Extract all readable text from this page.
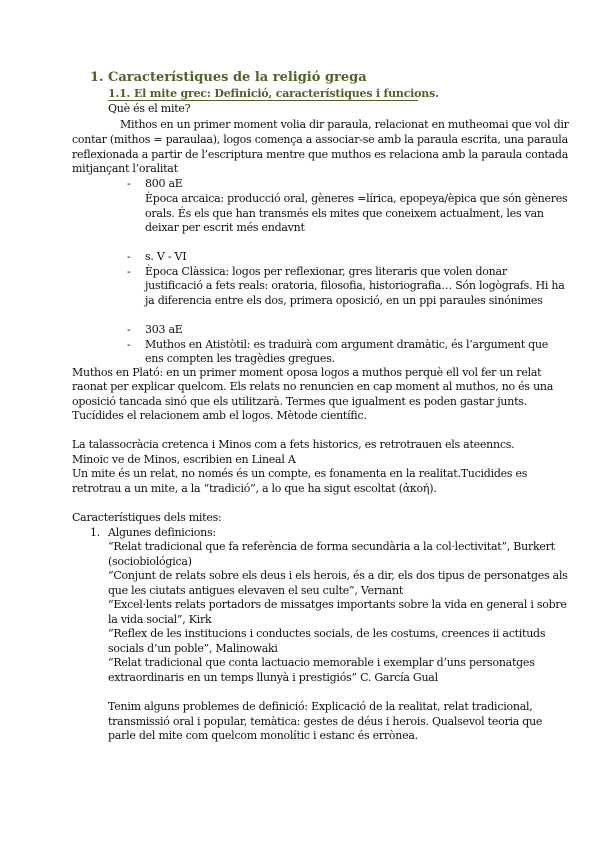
1. Característiques de la religió grega
1.1. El mite grec: Definició, característiques i funcions.
Què és el mite?
Mithos en un primer moment volia dir paraula, relacionat en mutheomai que vol dir
contar (mithos = paraulaa), logos comença a associar-se amb la paraula escrita, una paraula
reflexionada a partir de l’escriptura mentre que muthos es relaciona amb la paraula contada
mitjançant l’oralitat
- 800 aE
Època arcaica: producció oral, gèneres =lírica, epopeya/èpica que són gèneres
orals. És els que han transmés els mites que coneixem actualment, les van
deixar per escrit més endavnt
- s. V - VI
- Època Clàssica: logos per reflexionar, gres literaris que volen donar
justificació a fets reals: oratoria, filosofia, historiografia… Són logògrafs. Hi ha
ja diferencia entre els dos, primera oposició, en un ppi paraules sinónimes
- 303 aE
- Muthos en Atistòtil: es traduirà com argument dramàtic, és l’argument que
ens compten les tragèdies gregues.
Muthos en Plató: en un primer moment oposa logos a muthos perquè ell vol fer un relat
raonat per explicar quelcom. Els relats no renuncien en cap moment al muthos, no és una
oposició tancada sinó que els utilitzarà. Termes que igualment es poden gastar junts.
Tucídides el relacionem amb el logos. Mètode científic.
La talassocràcia cretenca i Minos com a fets historics, es retrotrauen els ateenncs.
Minoic ve de Minos, escribien en Lineal A
Un mite és un relat, no només és un compte, es fonamenta en la realitat.Tucidides es
retrotrau a un mite, a la “tradició”, a lo que ha sigut escoltat (ἀκοή).
Característiques dels mites:
1. Algunes definicions:
“Relat tradicional que fa referència de forma secundària a la col·lectivitat”, Burkert
(sociobiológica)
“Conjunt de relats sobre els deus i els herois, és a dir, els dos tipus de personatges als
que les ciutats antigues elevaven el seu culte”, Vernant
“Excel·lents relats portadors de missatges importants sobre la vida en general i sobre
la vida social”, Kirk
“Reflex de les institucions i conductes socials, de les costums, creences ii actituds
socials d’un poble”, Malinowaki
“Relat tradicional que conta lactuacio memorable i exemplar d’uns personatges
extraordinaris en un temps llunyà i prestigiós” C. García Gual
Tenim alguns problemes de definició: Explicació de la realitat, relat tradicional,
transmissió oral i popular, temàtica: gestes de déus i herois. Qualsevol teoria que
parle del mite com quelcom monolític i estanc és errònea.
